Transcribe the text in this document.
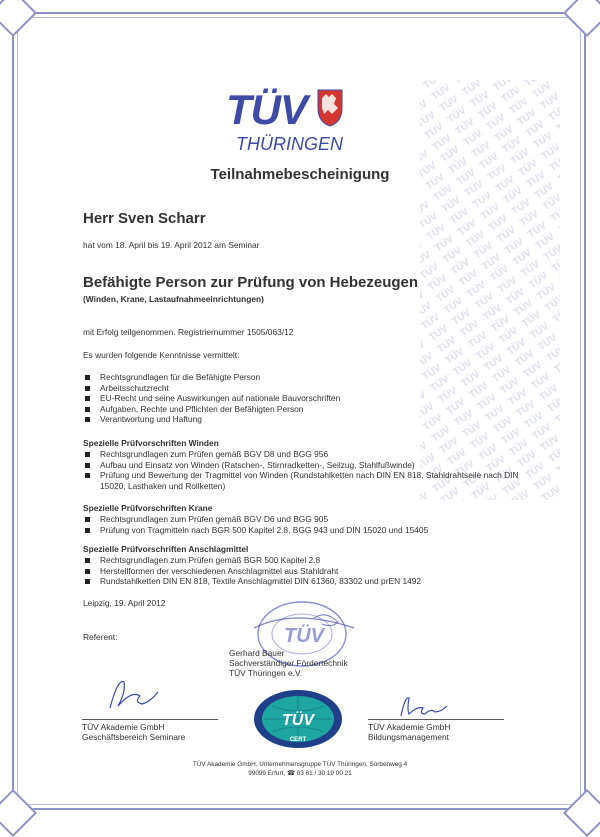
TÜV
THÜRINGEN
Teilnahmebescheinigung
Herr Sven Scharr
hat vom 18. April bis 19. April 2012 am Seminar
Befähigte Person zur Prüfung von Hebezeugen
(Winden, Krane, Lastaufnahmeeinrichtungen)
mit Erfolg teilgenommen. Registriernummer 1505/063/12
Es wurden folgende Kenntnisse vermittelt:
Rechtsgrundlagen für die Befähigte Person
Arbeitsschutzrecht
EU-Recht und seine Auswirkungen auf nationale Bauvorschriften
Aufgaben, Rechte und Pflichten der Befähigten Person
Verantwortung und Haftung
Spezielle Prüfvorschriften Winden
Rechtsgrundlagen zum Prüfen gemäß BGV D8 und BGG 956
Aufbau und Einsatz von Winden (Ratschen-, Stirnradketten-, Seilzug, Stahlfußwinde)
Prüfung und Bewertung der Tragmittel von Winden (Rundstahlketten nach DIN EN 818, Stahldrahtseile nach DIN 15020, Lasthaken und Rollketten)
Spezielle Prüfvorschriften Krane
Rechtsgrundlagen zum Prüfen gemäß BGV D6 und BGG 905
Prüfung von Tragmitteln nach BGR 500 Kapitel 2.8, BGG 943 und DIN 15020 und 15405
Spezielle Prüfvorschriften Anschlagmittel
Rechtsgrundlagen zum Prüfen gemäß BGR 500 Kapitel 2.8
Herstellformen der verschiedenen Anschlagmittel aus Stahldraht
Rundstahlketten DIN EN 818, Textile Anschlagmittel DIN 61360, 83302 und prEN 1492
Leipzig, 19. April 2012
TÜV
Referent:
Gerhard Bauer
Sachverständiger Fördertechnik
TÜV Thüringen e.V.
TÜV Akademie GmbH
Geschäftsbereich Seminare
TÜV
CERT
TÜV Akademie GmbH
Bildungsmanagement
TÜV Akademie GmbH, Unternehmensgruppe TÜV Thüringen, Sorbenweg 4
99099 Erfurt, ☎ 03 61 / 30 19 00 21
